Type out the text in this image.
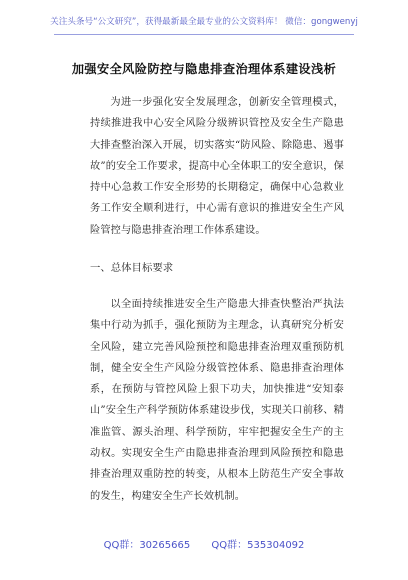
关注头条号“公文研究”，获得最新最全最专业的公文资料库！ 微信：gongwenyj
加强安全风险防控与隐患排查治理体系建设浅析

为进一步强化安全发展理念，创新安全管理模式，持续推进我中心安全风险分级辨识管控及安全生产隐患大排查整治深入开展，切实落实“防风险、除隐患、遏事故”的安全工作要求，提高中心全体职工的安全意识，保持中心急救工作安全形势的长期稳定，确保中心急救业务工作安全顺利进行，中心需有意识的推进安全生产风险管控与隐患排查治理工作体系建设。

一、总体目标要求

以全面持续推进安全生产隐患大排查快整治严执法集中行动为抓手，强化预防为主理念，认真研究分析安全风险，建立完善风险预控和隐患排查治理双重预防机制，健全安全生产风险分级管控体系、隐患排查治理体系，在预防与管控风险上狠下功夫，加快推进“安知泰山”安全生产科学预防体系建设步伐，实现关口前移、精准监管、源头治理、科学预防，牢牢把握安全生产的主动权。实现安全生产由隐患排查治理到风险预控和隐患排查治理双重防控的转变，从根本上防范生产安全事故的发生，构建安全生产长效机制。

QQ群：30265665 QQ群：535304092
